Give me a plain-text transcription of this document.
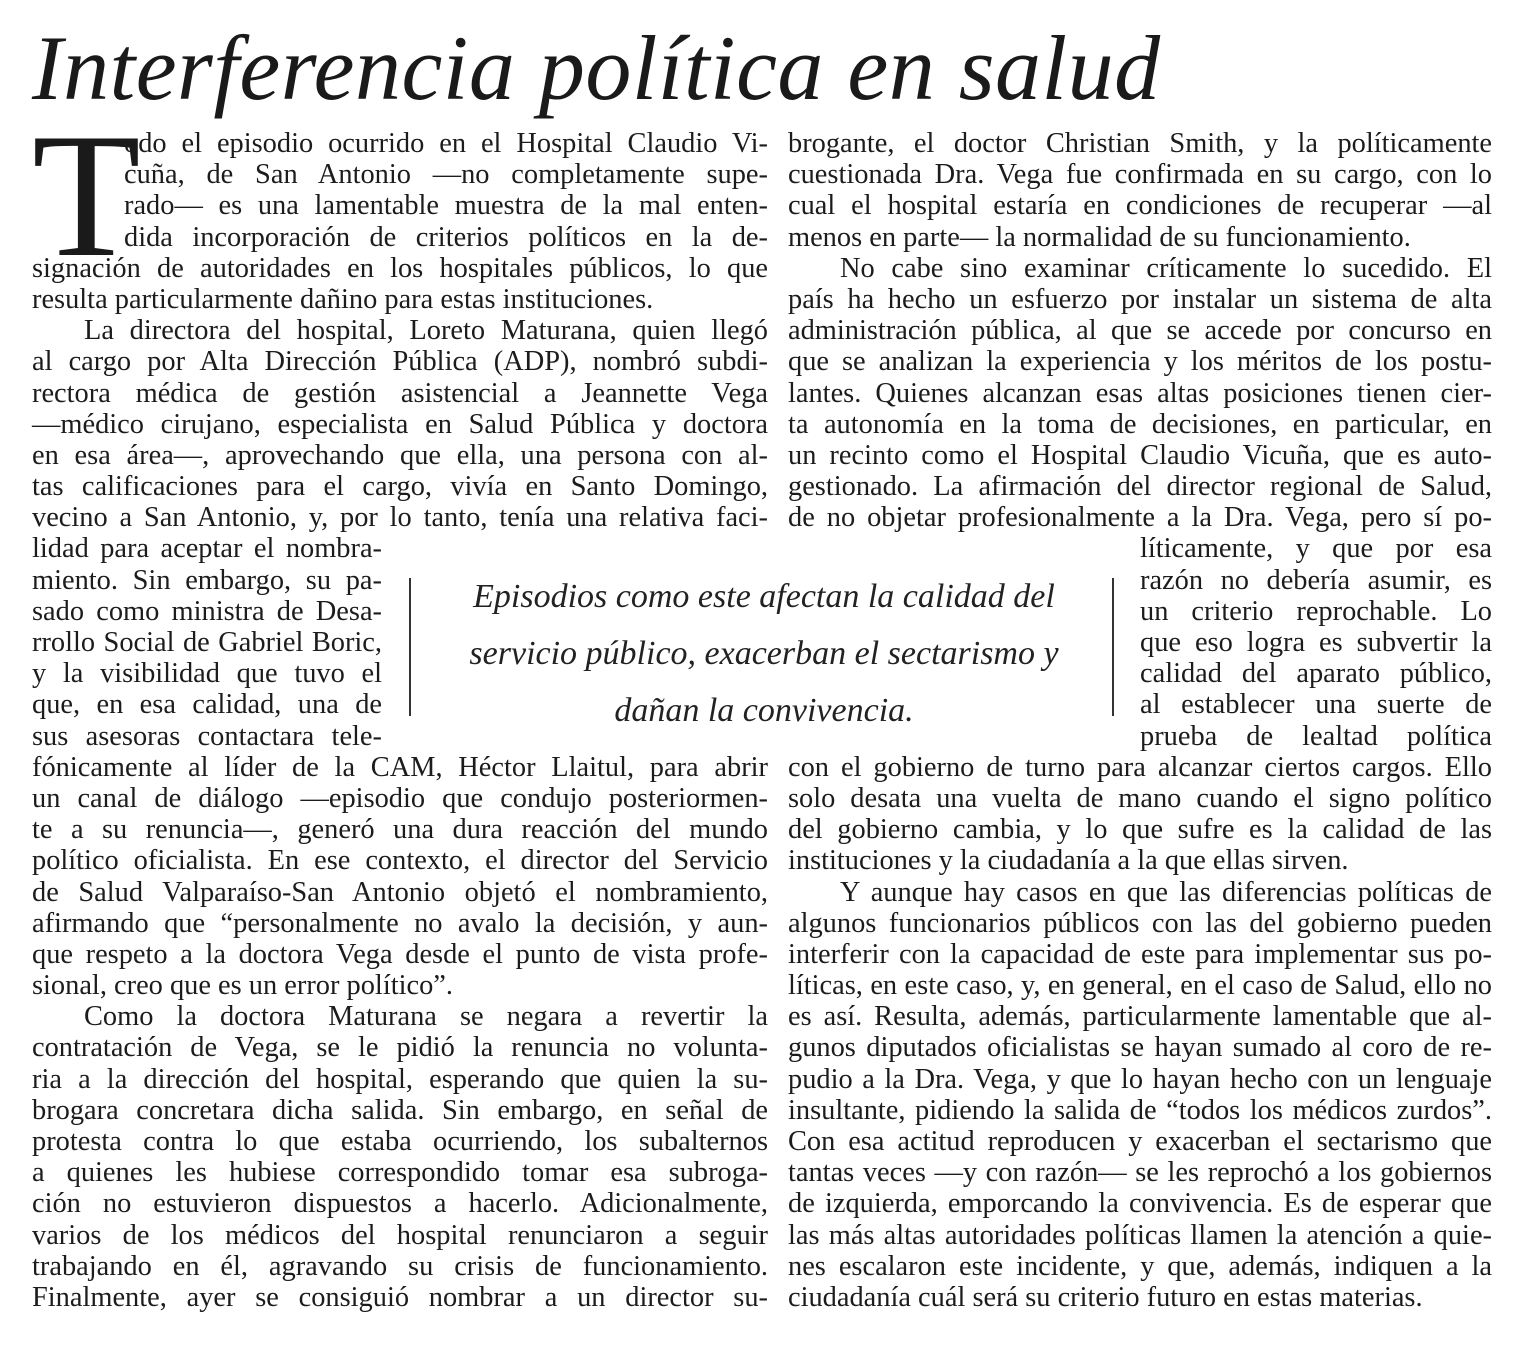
Interferencia política en salud
T
odo el episodio ocurrido en el Hospital Claudio Vi-
cuña, de San Antonio —no completamente supe-
rado— es una lamentable muestra de la mal enten-
dida incorporación de criterios políticos en la de-
signación de autoridades en los hospitales públicos, lo que
resulta particularmente dañino para estas instituciones.
La directora del hospital, Loreto Maturana, quien llegó
al cargo por Alta Dirección Pública (ADP), nombró subdi-
rectora médica de gestión asistencial a Jeannette Vega
—médico cirujano, especialista en Salud Pública y doctora
en esa área—, aprovechando que ella, una persona con al-
tas calificaciones para el cargo, vivía en Santo Domingo,
vecino a San Antonio, y, por lo tanto, tenía una relativa faci-
lidad para aceptar el nombra-
miento. Sin embargo, su pa-
sado como ministra de Desa-
rrollo Social de Gabriel Boric,
y la visibilidad que tuvo el
que, en esa calidad, una de
sus asesoras contactara tele-
fónicamente al líder de la CAM, Héctor Llaitul, para abrir
un canal de diálogo —episodio que condujo posteriormen-
te a su renuncia—, generó una dura reacción del mundo
político oficialista. En ese contexto, el director del Servicio
de Salud Valparaíso-San Antonio objetó el nombramiento,
afirmando que “personalmente no avalo la decisión, y aun-
que respeto a la doctora Vega desde el punto de vista profe-
sional, creo que es un error político”.
Como la doctora Maturana se negara a revertir la
contratación de Vega, se le pidió la renuncia no volunta-
ria a la dirección del hospital, esperando que quien la su-
brogara concretara dicha salida. Sin embargo, en señal de
protesta contra lo que estaba ocurriendo, los subalternos
a quienes les hubiese correspondido tomar esa subroga-
ción no estuvieron dispuestos a hacerlo. Adicionalmente,
varios de los médicos del hospital renunciaron a seguir
trabajando en él, agravando su crisis de funcionamiento.
Finalmente, ayer se consiguió nombrar a un director su-
brogante, el doctor Christian Smith, y la políticamente
cuestionada Dra. Vega fue confirmada en su cargo, con lo
cual el hospital estaría en condiciones de recuperar —al
menos en parte— la normalidad de su funcionamiento.
No cabe sino examinar críticamente lo sucedido. El
país ha hecho un esfuerzo por instalar un sistema de alta
administración pública, al que se accede por concurso en
que se analizan la experiencia y los méritos de los postu-
lantes. Quienes alcanzan esas altas posiciones tienen cier-
ta autonomía en la toma de decisiones, en particular, en
un recinto como el Hospital Claudio Vicuña, que es auto-
gestionado. La afirmación del director regional de Salud,
de no objetar profesionalmente a la Dra. Vega, pero sí po-
líticamente, y que por esa
razón no debería asumir, es
un criterio reprochable. Lo
que eso logra es subvertir la
calidad del aparato público,
al establecer una suerte de
prueba de lealtad política
con el gobierno de turno para alcanzar ciertos cargos. Ello
solo desata una vuelta de mano cuando el signo político
del gobierno cambia, y lo que sufre es la calidad de las
instituciones y la ciudadanía a la que ellas sirven.
Y aunque hay casos en que las diferencias políticas de
algunos funcionarios públicos con las del gobierno pueden
interferir con la capacidad de este para implementar sus po-
líticas, en este caso, y, en general, en el caso de Salud, ello no
es así. Resulta, además, particularmente lamentable que al-
gunos diputados oficialistas se hayan sumado al coro de re-
pudio a la Dra. Vega, y que lo hayan hecho con un lenguaje
insultante, pidiendo la salida de “todos los médicos zurdos”.
Con esa actitud reproducen y exacerban el sectarismo que
tantas veces —y con razón— se les reprochó a los gobiernos
de izquierda, emporcando la convivencia. Es de esperar que
las más altas autoridades políticas llamen la atención a quie-
nes escalaron este incidente, y que, además, indiquen a la
ciudadanía cuál será su criterio futuro en estas materias.
Episodios como este afectan la calidad del
servicio público, exacerban el sectarismo y
dañan la convivencia.
